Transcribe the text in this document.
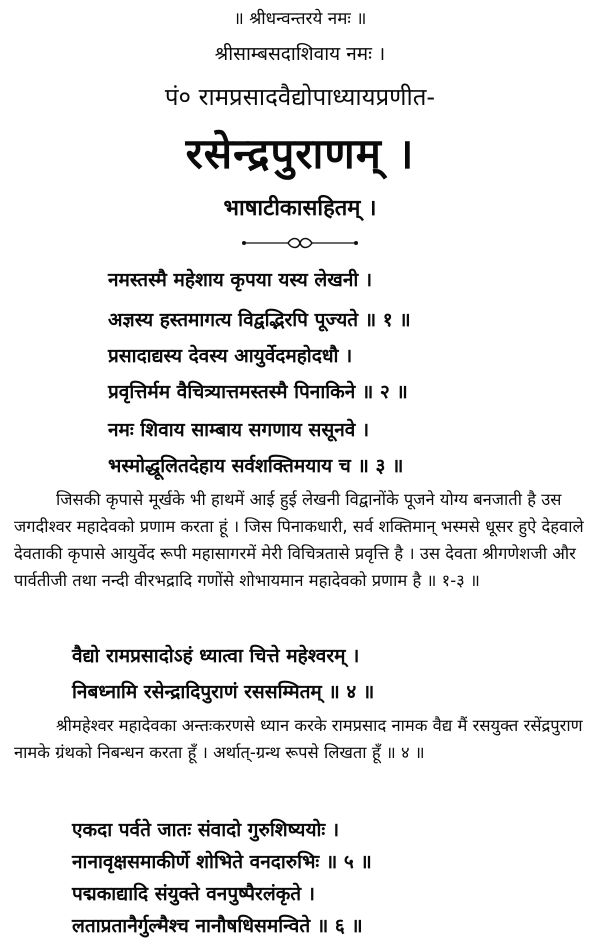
॥ श्रीधन्वन्तरये नमः ॥
श्रीसाम्बसदाशिवाय नमः ।
पं० रामप्रसादवैद्योपाध्यायप्रणीत-
रसेन्द्रपुराणम् ।
भाषाटीकासहितम् ।
नमस्तस्मै महेशाय कृपया यस्य लेखनी ।
अज्ञस्य हस्तमागत्य विद्वद्भिरपि पूज्यते ॥ १ ॥
प्रसादाद्यस्य देवस्य आयुर्वेदमहोदधौ ।
प्रवृत्तिर्मम वैचित्र्यात्तमस्तस्मै पिनाकिने ॥ २ ॥
नमः शिवाय साम्बाय सगणाय ससूनवे ।
भस्मोद्धूलितदेहाय सर्वशक्तिमयाय च ॥ ३ ॥
जिसकी कृपासे मूर्खके भी हाथमें आई हुई लेखनी विद्वानोंके पूजने योग्य बनजाती है उस जगदीश्वर महादेवको प्रणाम करता हूं । जिस पिनाकधारी, सर्व शक्तिमान् भस्मसे धूसर हुऐ देहवाले देवताकी कृपासे आयुर्वेद रूपी महासागरमें मेरी विचित्रतासे प्रवृत्ति है । उस देवता श्रीगणेशजी और पार्वतीजी तथा नन्दी वीरभद्रादि गणोंसे शोभायमान महादेवको प्रणाम है ॥ १-३ ॥
वैद्यो रामप्रसादोऽहं ध्यात्वा चित्ते महेश्वरम् ।
निबध्नामि रसेन्द्रादिपुराणं रससम्मितम् ॥ ४ ॥
श्रीमहेश्वर महादेवका अन्तःकरणसे ध्यान करके रामप्रसाद नामक वैद्य मैं रसयुक्त रसेंद्रपुराण नामके ग्रंथको निबन्धन करता हूँ । अर्थात्-ग्रन्थ रूपसे लिखता हूँ ॥ ४ ॥
एकदा पर्वते जातः संवादो गुरुशिष्ययोः ।
नानावृक्षसमाकीर्णे शोभिते वनदारुभिः ॥ ५ ॥
पद्मकाद्यादि संयुक्ते वनपुष्पैरलंकृते ।
लताप्रतानैर्गुल्मैश्च नानौषधिसमन्विते ॥ ६ ॥
